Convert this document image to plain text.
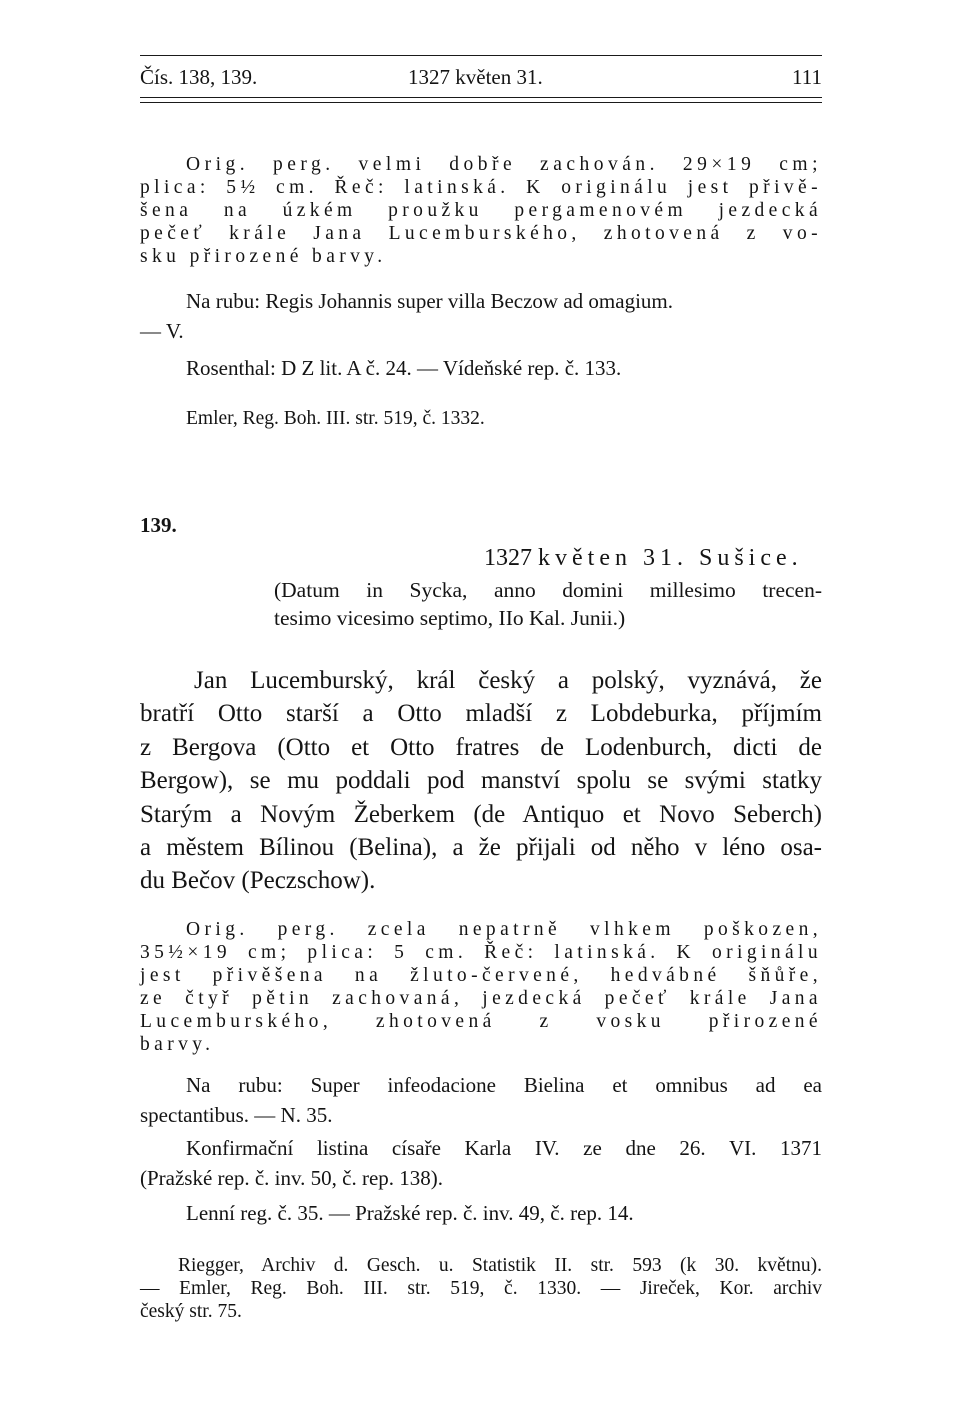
Čís. 138, 139.	1327 květen 31.	111
Orig. perg. velmi dobře zachován. 29×19 cm;
plica: 5½ cm. Řeč: latinská. K originálu jest přivě-
šena na úzkém proužku pergamenovém jezdecká
pečeť krále Jana Lucemburského, zhotovená z vo-
sku přirozené barvy.
Na rubu: Regis Johannis super villa Beczow ad omagium.
— V.
Rosenthal: D Z lit. A č. 24. — Vídeňské rep. č. 133.
Emler, Reg. Boh. III. str. 519, č. 1332.
139.
1327 květen 31. Sušice.
(Datum in Sycka, anno domini millesimo trecen-
tesimo vicesimo septimo, IIo Kal. Junii.)
Jan Lucemburský, král český a polský, vyznává, že
bratří Otto starší a Otto mladší z Lobdeburka, příjmím
z Bergova (Otto et Otto fratres de Lodenburch, dicti de
Bergow), se mu poddali pod manství spolu se svými statky
Starým a Novým Žeberkem (de Antiquo et Novo Seberch)
a městem Bílinou (Belina), a že přijali od něho v léno osa-
du Bečov (Peczschow).
Orig. perg. zcela nepatrně vlhkem poškozen,
35½×19 cm; plica: 5 cm. Řeč: latinská. K originálu
jest přivěšena na žluto-červené, hedvábné šňůře,
ze čtyř pětin zachovaná, jezdecká pečeť krále Jana
Lucemburského, zhotovená z vosku přirozené
barvy.
Na rubu: Super infeodacione Bielina et omnibus ad ea
spectantibus. — N. 35.
Konfirmační listina císaře Karla IV. ze dne 26. VI. 1371
(Pražské rep. č. inv. 50, č. rep. 138).
Lenní reg. č. 35. — Pražské rep. č. inv. 49, č. rep. 14.
Riegger, Archiv d. Gesch. u. Statistik II. str. 593 (k 30. květnu).
— Emler, Reg. Boh. III. str. 519, č. 1330. — Jireček, Kor. archiv
český str. 75.
